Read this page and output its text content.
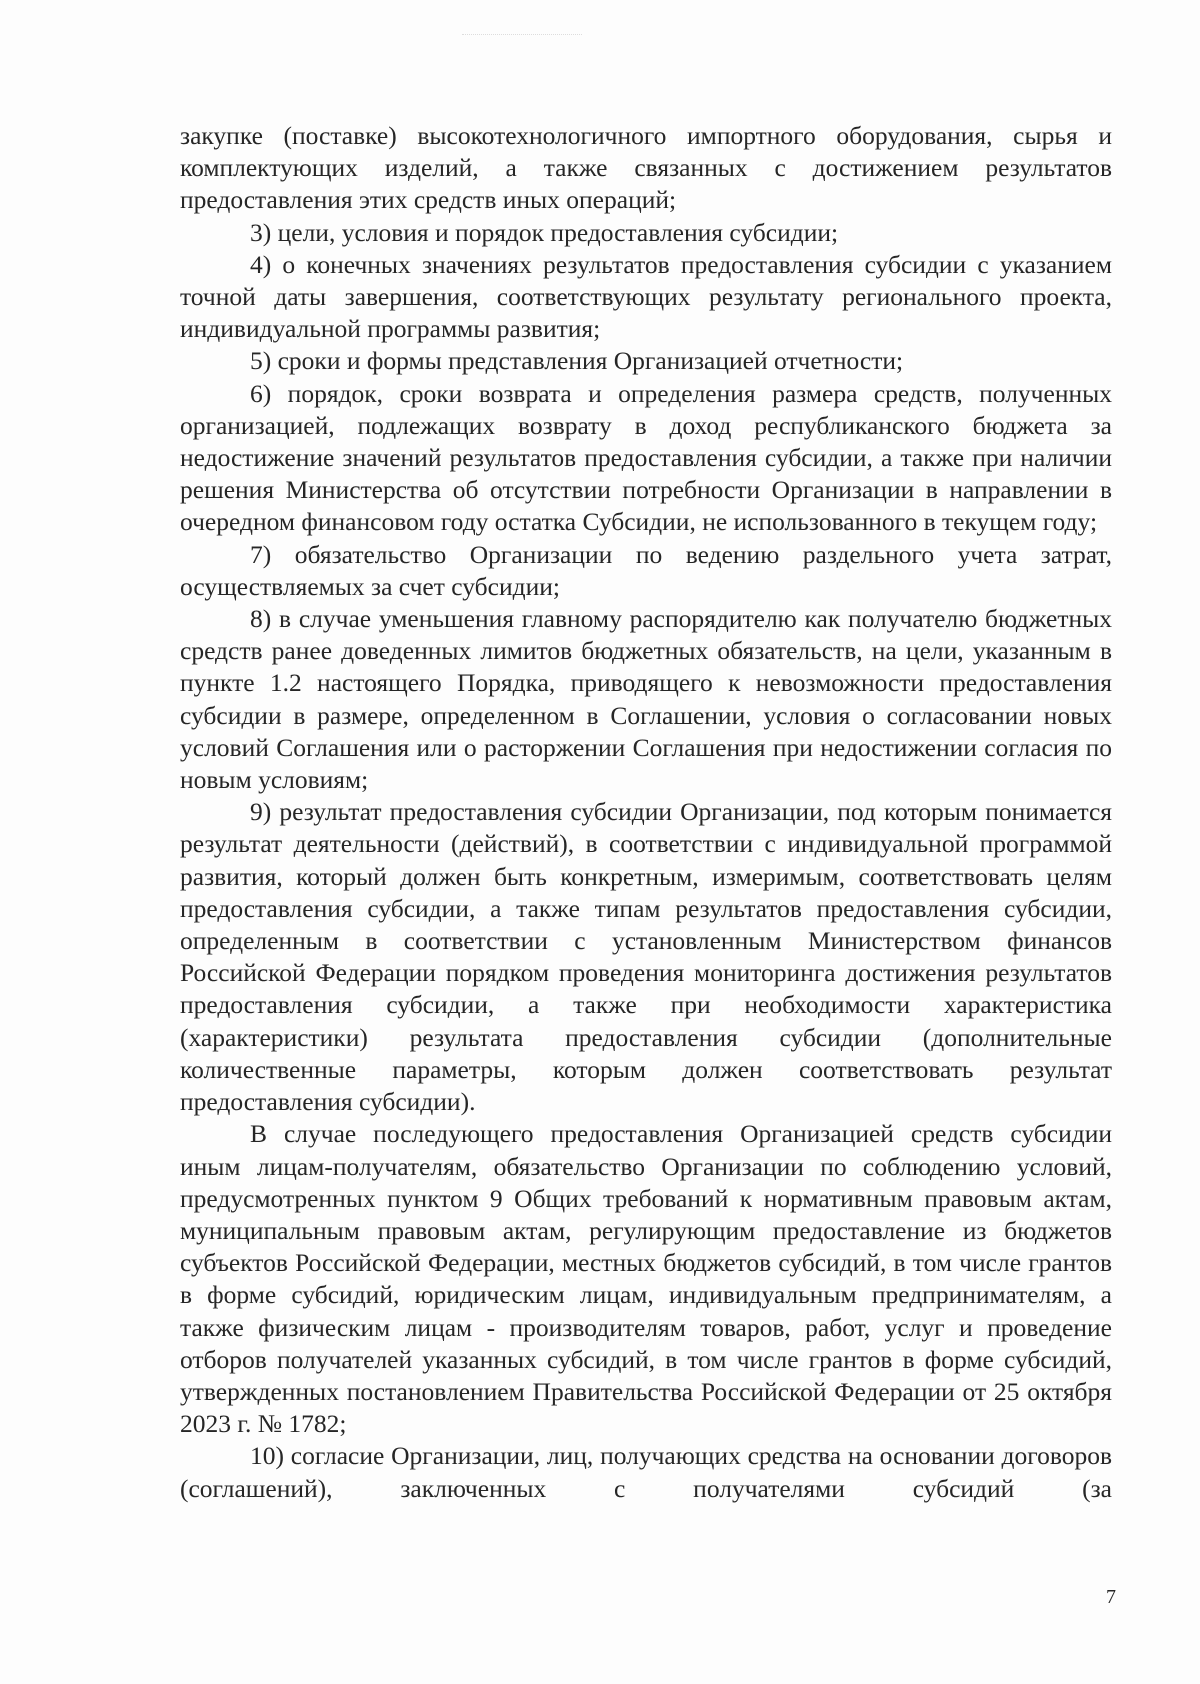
закупке (поставке) высокотехнологичного импортного оборудования, сырья и комплектующих изделий, а также связанных с достижением результатов предоставления этих средств иных операций;

3) цели, условия и порядок предоставления субсидии;

4) о конечных значениях результатов предоставления субсидии с указанием точной даты завершения, соответствующих результату регионального проекта, индивидуальной программы развития;

5) сроки и формы представления Организацией отчетности;

6) порядок, сроки возврата и определения размера средств, полученных организацией, подлежащих возврату в доход республиканского бюджета за недостижение значений результатов предоставления субсидии, а также при наличии решения Министерства об отсутствии потребности Организации в направлении в очередном финансовом году остатка Субсидии, не использованного в текущем году;

7) обязательство Организации по ведению раздельного учета затрат, осуществляемых за счет субсидии;

8) в случае уменьшения главному распорядителю как получателю бюджетных средств ранее доведенных лимитов бюджетных обязательств, на цели, указанным в пункте 1.2 настоящего Порядка, приводящего к невозможности предоставления субсидии в размере, определенном в Соглашении, условия о согласовании новых условий Соглашения или о расторжении Соглашения при недостижении согласия по новым условиям;

9) результат предоставления субсидии Организации, под которым понимается результат деятельности (действий), в соответствии с индивидуальной программой развития, который должен быть конкретным, измеримым, соответствовать целям предоставления субсидии, а также типам результатов предоставления субсидии, определенным в соответствии с установленным Министерством финансов Российской Федерации порядком проведения мониторинга достижения результатов предоставления субсидии, а также при необходимости характеристика (характеристики) результата предоставления субсидии (дополнительные количественные параметры, которым должен соответствовать результат предоставления субсидии).

В случае последующего предоставления Организацией средств субсидии иным лицам-получателям, обязательство Организации по соблюдению условий, предусмотренных пунктом 9 Общих требований к нормативным правовым актам, муниципальным правовым актам, регулирующим предоставление из бюджетов субъектов Российской Федерации, местных бюджетов субсидий, в том числе грантов в форме субсидий, юридическим лицам, индивидуальным предпринимателям, а также физическим лицам - производителям товаров, работ, услуг и проведение отборов получателей указанных субсидий, в том числе грантов в форме субсидий, утвержденных постановлением Правительства Российской Федерации от 25 октября 2023 г. № 1782;

10) согласие Организации, лиц, получающих средства на основании договоров (соглашений), заключенных с получателями субсидий (за

7
